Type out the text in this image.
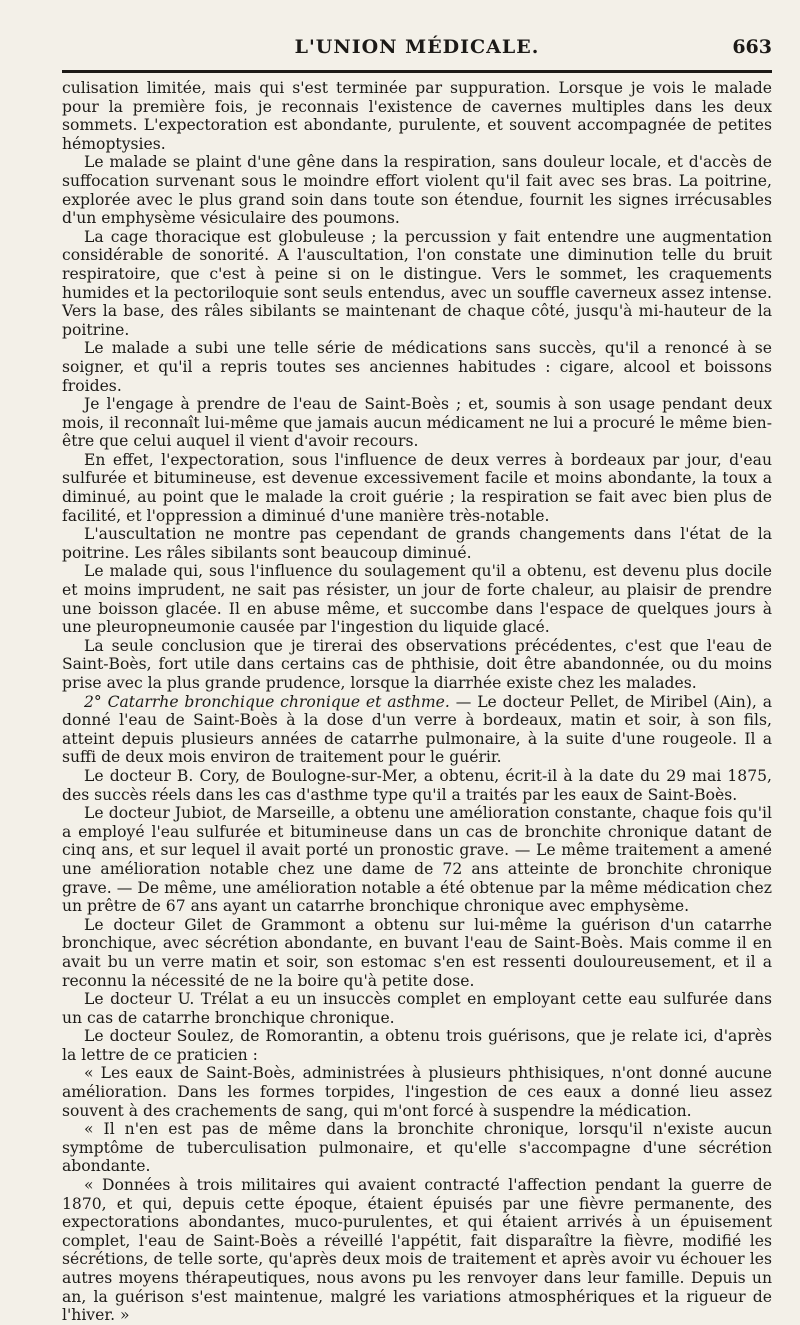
L'UNION MÉDICALE.	663

culisation limitée, mais qui s'est terminée par suppuration. Lorsque je vois le malade pour la première fois, je reconnais l'existence de cavernes multiples dans les deux sommets. L'expectoration est abondante, purulente, et souvent accompagnée de petites hémoptysies.

Le malade se plaint d'une gêne dans la respiration, sans douleur locale, et d'accès de suffocation survenant sous le moindre effort violent qu'il fait avec ses bras. La poitrine, explorée avec le plus grand soin dans toute son étendue, fournit les signes irrécusables d'un emphysème vésiculaire des poumons.

La cage thoracique est globuleuse ; la percussion y fait entendre une augmentation considérable de sonorité. A l'auscultation, l'on constate une diminution telle du bruit respiratoire, que c'est à peine si on le distingue. Vers le sommet, les craquements humides et la pectoriloquie sont seuls entendus, avec un souffle caverneux assez intense. Vers la base, des râles sibilants se maintenant de chaque côté, jusqu'à mi-hauteur de la poitrine.

Le malade a subi une telle série de médications sans succès, qu'il a renoncé à se soigner, et qu'il a repris toutes ses anciennes habitudes : cigare, alcool et boissons froides.

Je l'engage à prendre de l'eau de Saint-Boès ; et, soumis à son usage pendant deux mois, il reconnaît lui-même que jamais aucun médicament ne lui a procuré le même bien-être que celui auquel il vient d'avoir recours.

En effet, l'expectoration, sous l'influence de deux verres à bordeaux par jour, d'eau sulfurée et bitumineuse, est devenue excessivement facile et moins abondante, la toux a diminué, au point que le malade la croit guérie ; la respiration se fait avec bien plus de facilité, et l'oppression a diminué d'une manière très-notable.

L'auscultation ne montre pas cependant de grands changements dans l'état de la poitrine. Les râles sibilants sont beaucoup diminué.

Le malade qui, sous l'influence du soulagement qu'il a obtenu, est devenu plus docile et moins imprudent, ne sait pas résister, un jour de forte chaleur, au plaisir de prendre une boisson glacée. Il en abuse même, et succombe dans l'espace de quelques jours à une pleuropneumonie causée par l'ingestion du liquide glacé.

La seule conclusion que je tirerai des observations précédentes, c'est que l'eau de Saint-Boès, fort utile dans certains cas de phthisie, doit être abandonnée, ou du moins prise avec la plus grande prudence, lorsque la diarrhée existe chez les malades.

2° Catarrhe bronchique chronique et asthme. — Le docteur Pellet, de Miribel (Ain), a donné l'eau de Saint-Boès à la dose d'un verre à bordeaux, matin et soir, à son fils, atteint depuis plusieurs années de catarrhe pulmonaire, à la suite d'une rougeole. Il a suffi de deux mois environ de traitement pour le guérir.

Le docteur B. Cory, de Boulogne-sur-Mer, a obtenu, écrit-il à la date du 29 mai 1875, des succès réels dans les cas d'asthme type qu'il a traités par les eaux de Saint-Boès.

Le docteur Jubiot, de Marseille, a obtenu une amélioration constante, chaque fois qu'il a employé l'eau sulfurée et bitumineuse dans un cas de bronchite chronique datant de cinq ans, et sur lequel il avait porté un pronostic grave. — Le même traitement a amené une amélioration notable chez une dame de 72 ans atteinte de bronchite chronique grave. — De même, une amélioration notable a été obtenue par la même médication chez un prêtre de 67 ans ayant un catarrhe bronchique chronique avec emphysème.

Le docteur Gilet de Grammont a obtenu sur lui-même la guérison d'un catarrhe bronchique, avec sécrétion abondante, en buvant l'eau de Saint-Boès. Mais comme il en avait bu un verre matin et soir, son estomac s'en est ressenti douloureusement, et il a reconnu la nécessité de ne la boire qu'à petite dose.

Le docteur U. Trélat a eu un insuccès complet en employant cette eau sulfurée dans un cas de catarrhe bronchique chronique.

Le docteur Soulez, de Romorantin, a obtenu trois guérisons, que je relate ici, d'après la lettre de ce praticien :

« Les eaux de Saint-Boès, administrées à plusieurs phthisiques, n'ont donné aucune amélioration. Dans les formes torpides, l'ingestion de ces eaux a donné lieu assez souvent à des crachements de sang, qui m'ont forcé à suspendre la médication.

« Il n'en est pas de même dans la bronchite chronique, lorsqu'il n'existe aucun symptôme de tuberculisation pulmonaire, et qu'elle s'accompagne d'une sécrétion abondante.

« Données à trois militaires qui avaient contracté l'affection pendant la guerre de 1870, et qui, depuis cette époque, étaient épuisés par une fièvre permanente, des expectorations abondantes, muco-purulentes, et qui étaient arrivés à un épuisement complet, l'eau de Saint-Boès a réveillé l'appétit, fait disparaître la fièvre, modifié les sécrétions, de telle sorte, qu'après deux mois de traitement et après avoir vu échouer les autres moyens thérapeutiques, nous avons pu les renvoyer dans leur famille. Depuis un an, la guérison s'est maintenue, malgré les variations atmosphériques et la rigueur de l'hiver. »
